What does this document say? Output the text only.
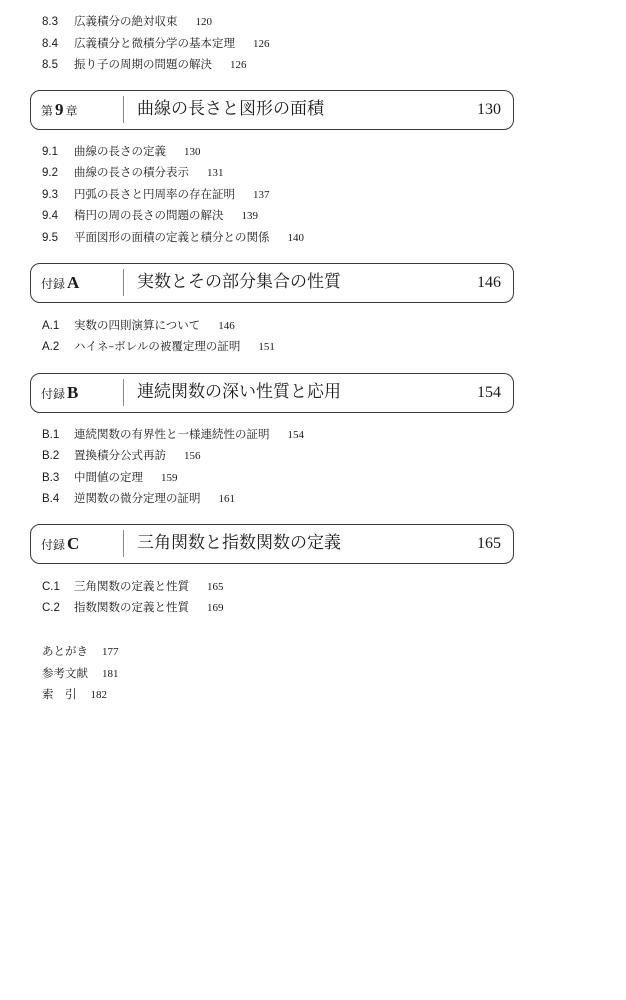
8.3 広義積分の絶対収束 120
8.4 広義積分と微積分学の基本定理 126
8.5 振り子の周期の問題の解決 126
第 9 章	曲線の長さと図形の面積	130
9.1 曲線の長さの定義 130
9.2 曲線の長さの積分表示 131
9.3 円弧の長さと円周率の存在証明 137
9.4 楕円の周の長さの問題の解決 139
9.5 平面図形の面積の定義と積分との関係 140
付録 A	実数とその部分集合の性質	146
A.1 実数の四則演算について 146
A.2 ハイネ–ボレルの被覆定理の証明 151
付録 B	連続関数の深い性質と応用	154
B.1 連続関数の有界性と一様連続性の証明 154
B.2 置換積分公式再訪 156
B.3 中間値の定理 159
B.4 逆関数の微分定理の証明 161
付録 C	三角関数と指数関数の定義	165
C.1 三角関数の定義と性質 165
C.2 指数関数の定義と性質 169
あとがき 177
参考文献 181
索　引 182
